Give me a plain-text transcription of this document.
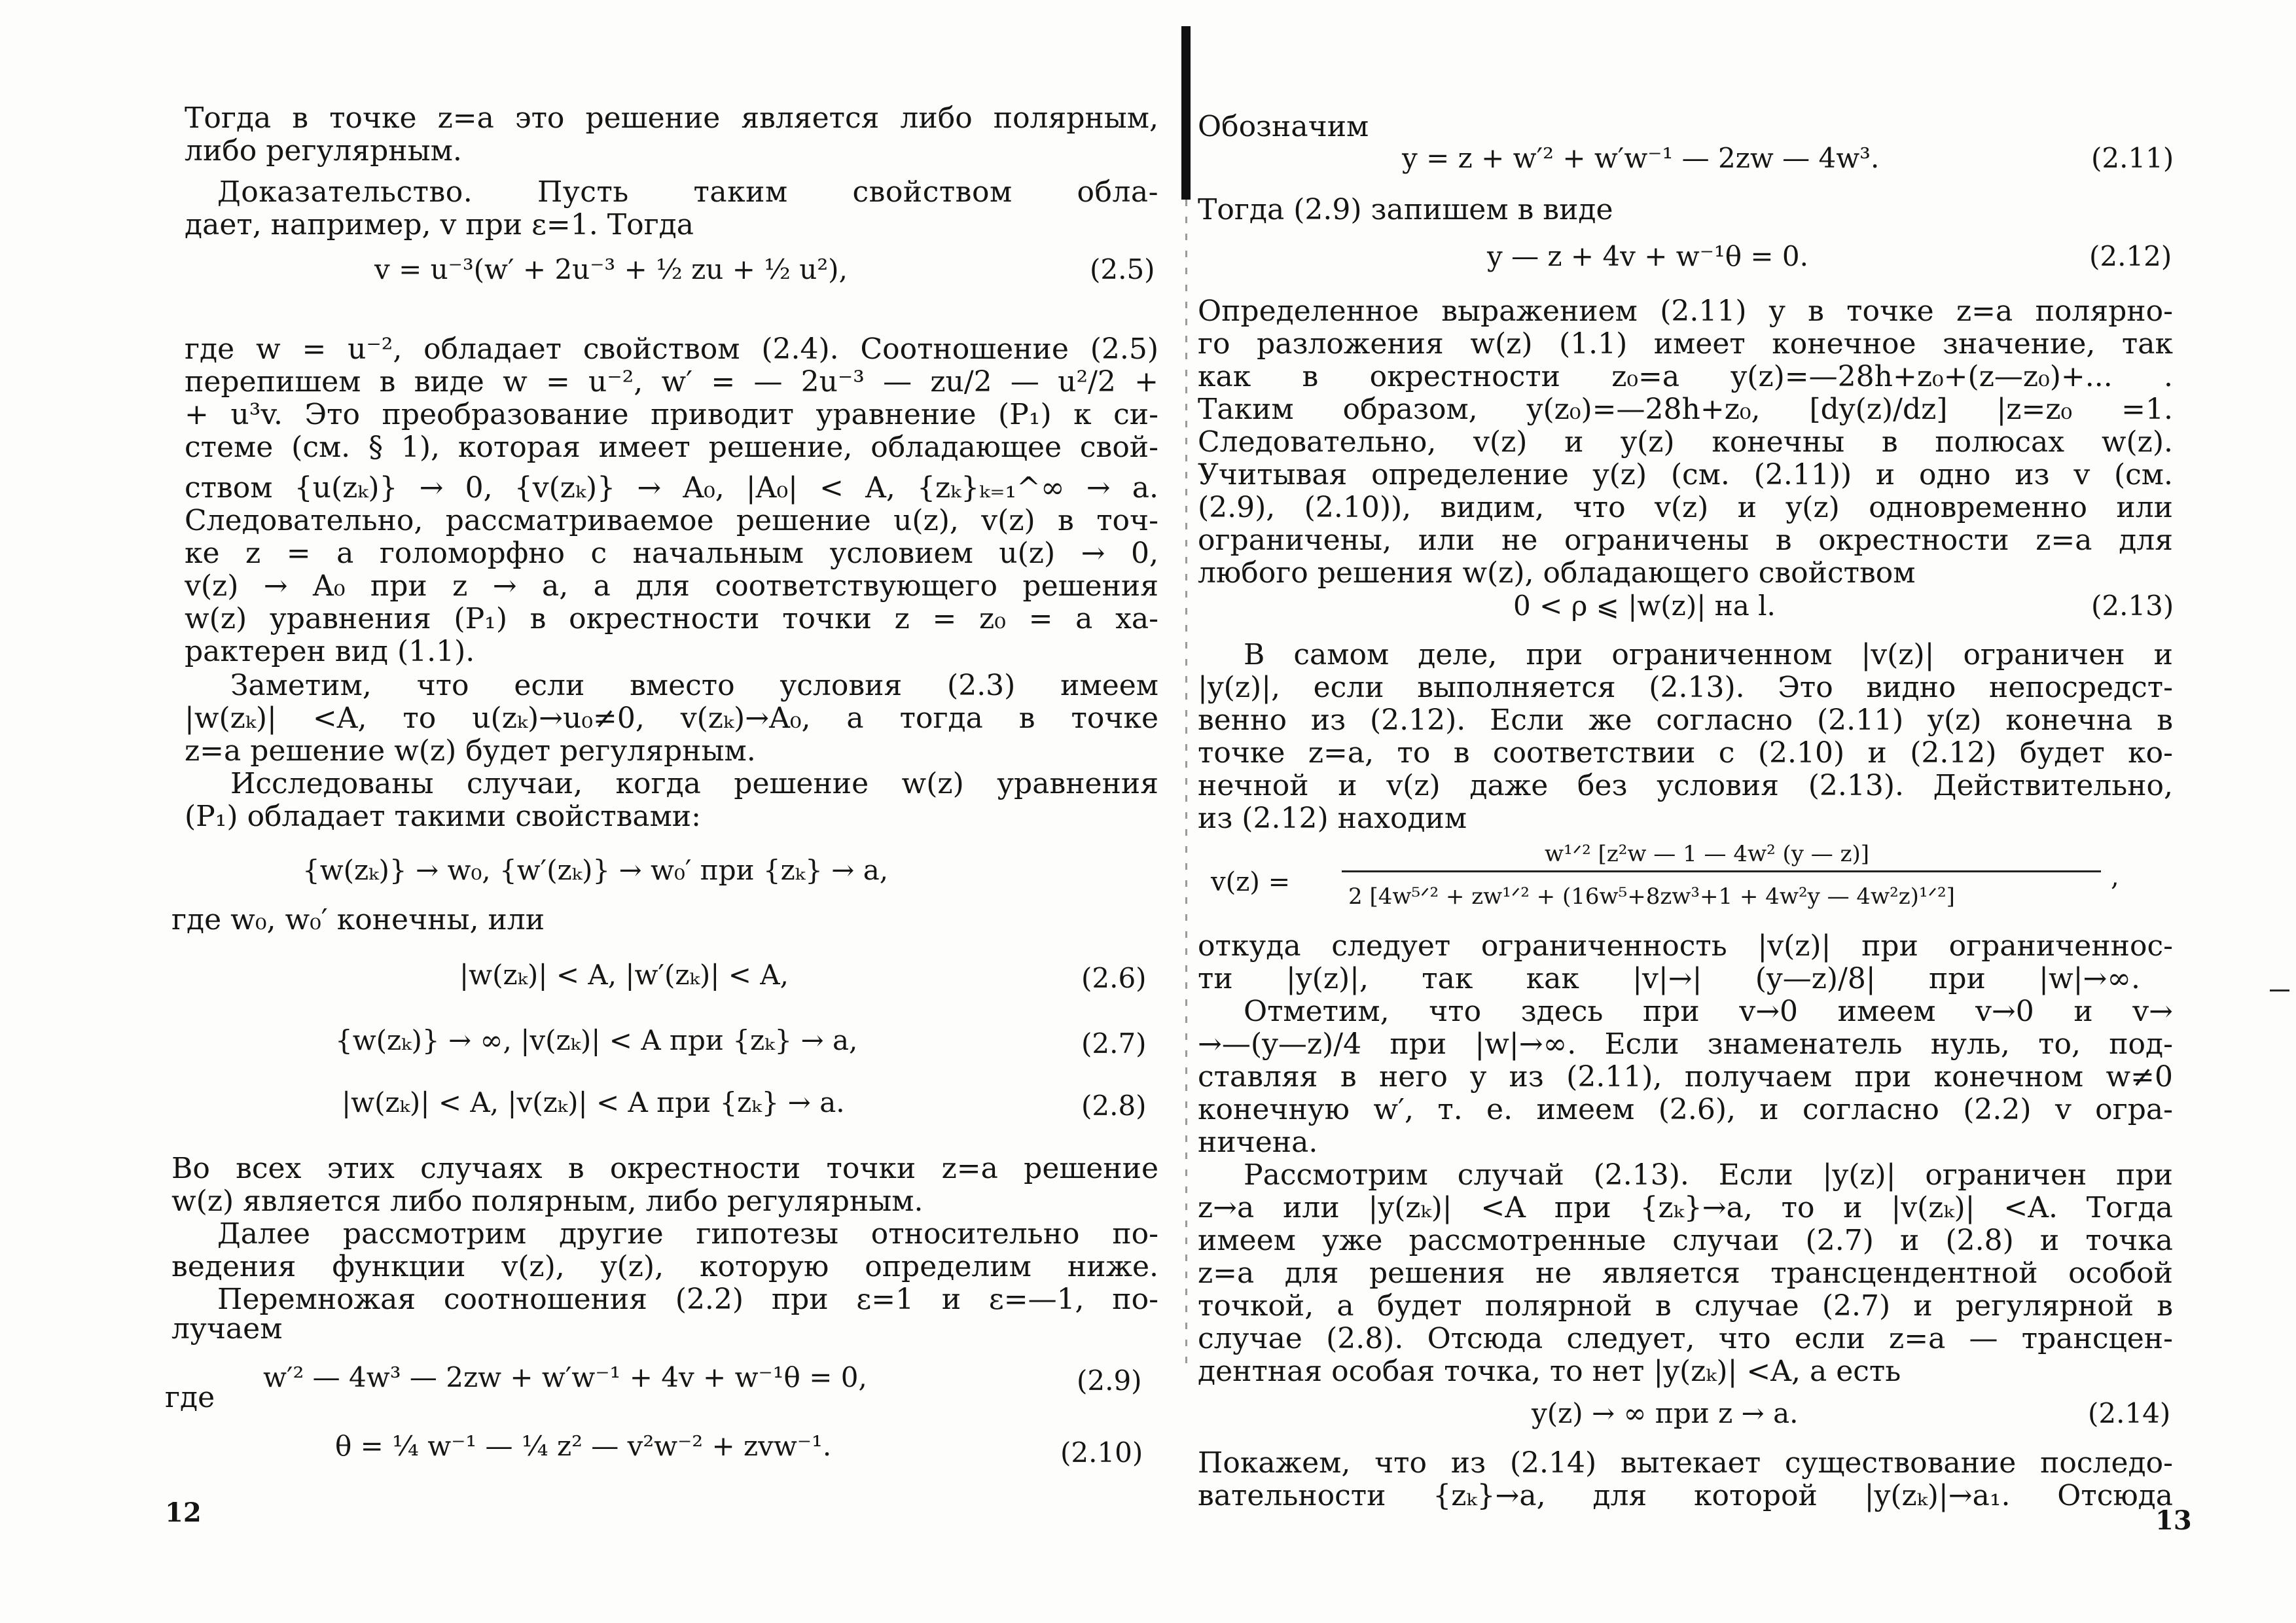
Тогда в точке z=a это решение является либо полярным,
либо регулярным.
Доказательство. Пусть таким свойством обла-
дает, например, v при ε=1. Тогда
v = u⁻³(w′ + 2u⁻³ + ½ zu + ½ u²),	(2.5)
где w = u⁻², обладает свойством (2.4). Соотношение (2.5)
перепишем в виде w = u⁻², w′ = — 2u⁻³ — zu/2 — u²/2 +
+ u³v. Это преобразование приводит уравнение (P₁) к си-
стеме (см. § 1), которая имеет решение, обладающее свой-
ством {u(zₖ)} → 0, {v(zₖ)} → A₀, |A₀| < A, {zₖ}ₖ₌₁^∞ → a.
Следовательно, рассматриваемое решение u(z), v(z) в точ-
ке z = a голоморфно с начальным условием u(z) → 0,
v(z) → A₀ при z → a, а для соответствующего решения
w(z) уравнения (P₁) в окрестности точки z = z₀ = a ха-
рактерен вид (1.1).
Заметим, что если вместо условия (2.3) имеем
|w(zₖ)| <A, то u(zₖ)→u₀≠0, v(zₖ)→A₀, а тогда в точке
z=a решение w(z) будет регулярным.
Исследованы случаи, когда решение w(z) уравнения
(P₁) обладает такими свойствами:
{w(zₖ)} → w₀, {w′(zₖ)} → w₀′ при {zₖ} → a,
где w₀, w₀′ конечны, или
|w(zₖ)| < A, |w′(zₖ)| < A,	(2.6)
{w(zₖ)} → ∞, |v(zₖ)| < A при {zₖ} → a,	(2.7)
|w(zₖ)| < A, |v(zₖ)| < A при {zₖ} → a.	(2.8)
Во всех этих случаях в окрестности точки z=a решение
w(z) является либо полярным, либо регулярным.
Далее рассмотрим другие гипотезы относительно по-
ведения функции v(z), y(z), которую определим ниже.
Перемножая соотношения (2.2) при ε=1 и ε=—1, по-
лучаем
w′² — 4w³ — 2zw + w′w⁻¹ + 4v + w⁻¹θ = 0,	(2.9)
где
θ = ¼ w⁻¹ — ¼ z² — v²w⁻² + zvw⁻¹.	(2.10)
12
Обозначим
y = z + w′² + w′w⁻¹ — 2zw — 4w³.	(2.11)
Тогда (2.9) запишем в виде
y — z + 4v + w⁻¹θ = 0.	(2.12)
Определенное выражением (2.11) y в точке z=a полярно-
го разложения w(z) (1.1) имеет конечное значение, так
как в окрестности z₀=a y(z)=—28h+z₀+(z—z₀)+... .
Таким образом, y(z₀)=—28h+z₀, [dy(z)/dz] |z=z₀ =1.
Следовательно, v(z) и y(z) конечны в полюсах w(z).
Учитывая определение y(z) (см. (2.11)) и одно из v (см.
(2.9), (2.10)), видим, что v(z) и y(z) одновременно или
ограничены, или не ограничены в окрестности z=a для
любого решения w(z), обладающего свойством
0 < ρ ⩽ |w(z)| на l.	(2.13)
В самом деле, при ограниченном |v(z)| ограничен и
|y(z)|, если выполняется (2.13). Это видно непосредст-
венно из (2.12). Если же согласно (2.11) y(z) конечна в
точке z=a, то в соответствии с (2.10) и (2.12) будет ко-
нечной и v(z) даже без условия (2.13). Действительно,
из (2.12) находим
v(z) =
w¹ᐟ² [z²w — 1 — 4w² (y — z)]
2 [4w⁵ᐟ² + zw¹ᐟ² + (16w⁵+8zw³+1 + 4w²y — 4w²z)¹ᐟ²]
,
откуда следует ограниченность |v(z)| при ограниченнос-
ти |y(z)|, так как |v|→| (y—z)/8| при |w|→∞.
Отметим, что здесь при v→0 имеем v→0 и v→
→—(y—z)/4 при |w|→∞. Если знаменатель нуль, то, под-
ставляя в него y из (2.11), получаем при конечном w≠0
конечную w′, т. е. имеем (2.6), и согласно (2.2) v огра-
ничена.
Рассмотрим случай (2.13). Если |y(z)| ограничен при
z→a или |y(zₖ)| <A при {zₖ}→a, то и |v(zₖ)| <A. Тогда
имеем уже рассмотренные случаи (2.7) и (2.8) и точка
z=a для решения не является трансцендентной особой
точкой, а будет полярной в случае (2.7) и регулярной в
случае (2.8). Отсюда следует, что если z=a — трансцен-
дентная особая точка, то нет |y(zₖ)| <A, а есть
y(z) → ∞ при z → a.	(2.14)
Покажем, что из (2.14) вытекает существование последо-
вательности {zₖ}→a, для которой |y(zₖ)|→a₁. Отсюда
13
